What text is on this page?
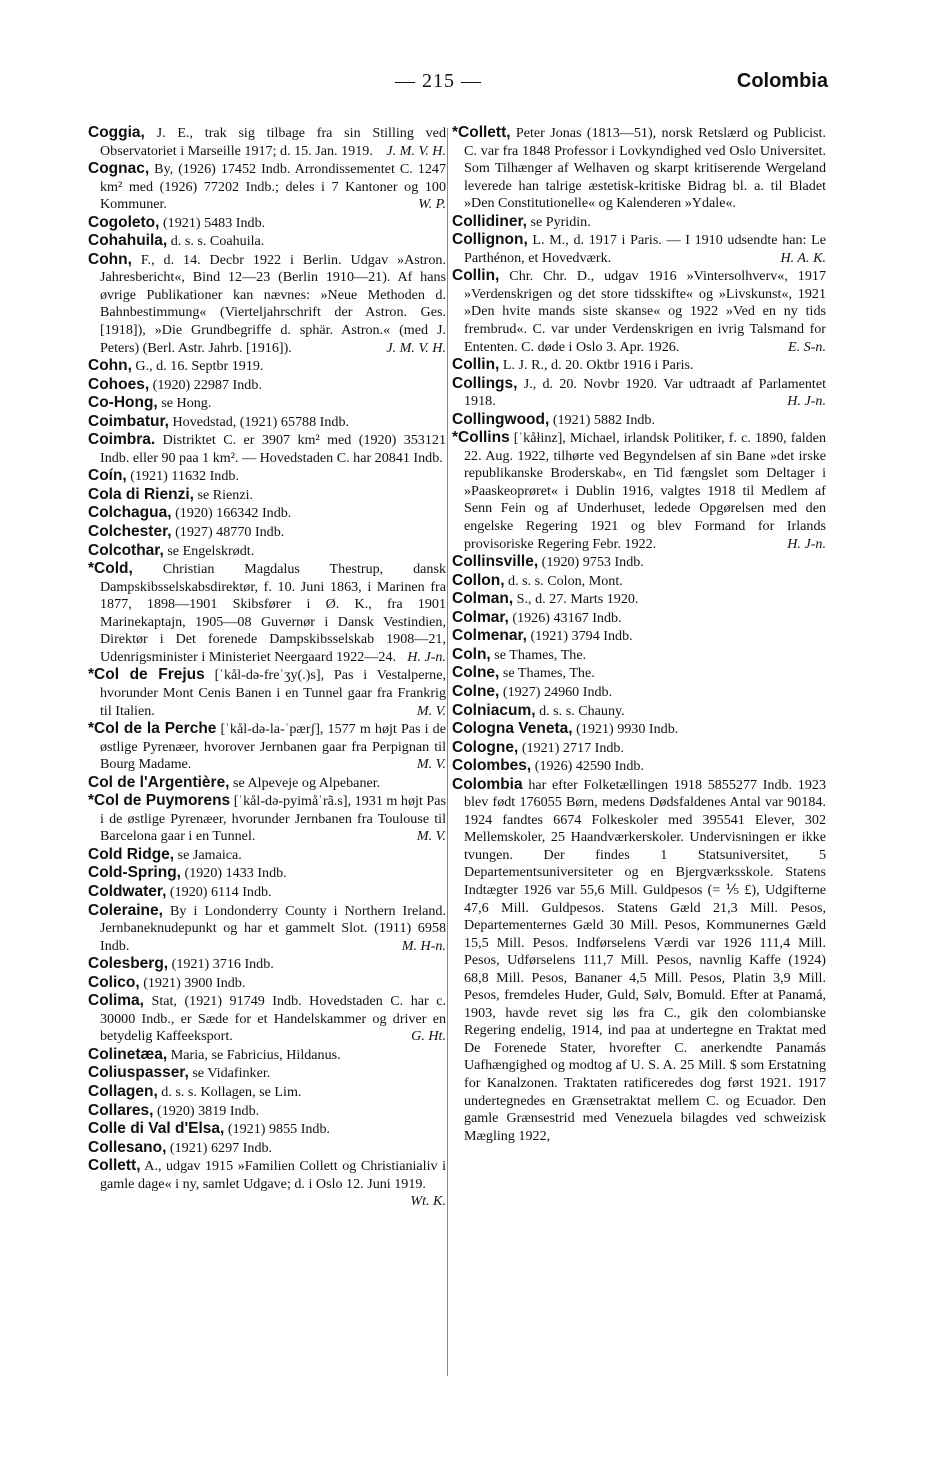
— 215 —	Colombia

Coggia, J. E., trak sig tilbage fra sin Stilling ved Observatoriet i Marseille 1917; d. 15. Jan. 1919. J. M. V. H.

Cognac, By, (1926) 17452 Indb. Arrondissementet C. 1247 km² med (1926) 77202 Indb.; deles i 7 Kantoner og 100 Kommuner.	W. P.

Cogoleto, (1921) 5483 Indb.

Cohahuila, d. s. s. Coahuila.

Cohn, F., d. 14. Decbr 1922 i Berlin. Udgav »Astron. Jahresbericht«, Bind 12—23 (Berlin 1910—21). Af hans øvrige Publikationer kan nævnes: »Neue Methoden d. Bahnbestimmung« (Vierteljahrschrift der Astron. Ges. [1918]), »Die Grundbegriffe d. sphär. Astron.« (med J. Peters) (Berl. Astr. Jahrb. [1916]).	J. M. V. H.

Cohn, G., d. 16. Septbr 1919.

Cohoes, (1920) 22987 Indb.

Co-Hong, se Hong.

Coimbatur, Hovedstad, (1921) 65788 Indb.

Coimbra. Distriktet C. er 3907 km² med (1920) 353121 Indb. eller 90 paa 1 km². — Hovedstaden C. har 20841 Indb.

Coín, (1921) 11632 Indb.

Cola di Rienzi, se Rienzi.

Colchagua, (1920) 166342 Indb.

Colchester, (1927) 48770 Indb.

Colcothar, se Engelskrødt.

*Cold, Christian Magdalus Thestrup, dansk Dampskibsselskabsdirektør, f. 10. Juni 1863, i Marinen fra 1877, 1898—1901 Skibsfører i Ø. K., fra 1901 Marinekaptajn, 1905—08 Guvernør i Dansk Vestindien, Direktør i Det forenede Dampskibsselskab 1908—21, Udenrigsminister i Ministeriet Neergaard 1922—24. H. J-n.

*Col de Frejus [ˈkål-də-freˈʒy(.)s], Pas i Vestalperne, hvorunder Mont Cenis Banen i en Tunnel gaar fra Frankrig til Italien.	M. V.

*Col de la Perche [ˈkål-də-la-ˈpærʃ], 1577 m højt Pas i de østlige Pyrenæer, hvorover Jernbanen gaar fra Perpignan til Bourg Madame.	M. V.

Col de l'Argentière, se Alpeveje og Alpebaner.

*Col de Puymorens [ˈkål-də-pyimåˈrã.s], 1931 m højt Pas i de østlige Pyrenæer, hvorunder Jernbanen fra Toulouse til Barcelona gaar i en Tunnel.	M. V.

Cold Ridge, se Jamaica.

Cold-Spring, (1920) 1433 Indb.

Coldwater, (1920) 6114 Indb.

Coleraine, By i Londonderry County i Northern Ireland. Jernbaneknudepunkt og har et gammelt Slot. (1911) 6958 Indb.	M. H-n.

Colesberg, (1921) 3716 Indb.

Colico, (1921) 3900 Indb.

Colima, Stat, (1921) 91749 Indb. Hovedstaden C. har c. 30000 Indb., er Sæde for et Handelskammer og driver en betydelig Kaffeeksport.	G. Ht.

Colinetæa, Maria, se Fabricius, Hildanus.

Coliuspasser, se Vidafinker.

Collagen, d. s. s. Kollagen, se Lim.

Collares, (1920) 3819 Indb.

Colle di Val d'Elsa, (1921) 9855 Indb.

Collesano, (1921) 6297 Indb.

Collett, A., udgav 1915 »Familien Collett og Christianialiv i gamle dage« i ny, samlet Udgave; d. i Oslo 12. Juni 1919.
Wt. K.

*Collett, Peter Jonas (1813—51), norsk Retslærd og Publicist. C. var fra 1848 Professor i Lovkyndighed ved Oslo Universitet. Som Tilhænger af Welhaven og skarpt kritiserende Wergeland leverede han talrige æstetisk-kritiske Bidrag bl. a. til Bladet »Den Constitutionelle« og Kalenderen »Ydale«.

Collidiner, se Pyridin.

Collignon, L. M., d. 1917 i Paris. — I 1910 udsendte han: Le Parthénon, et Hovedværk.	H. A. K.

Collin, Chr. Chr. D., udgav 1916 »Vintersolhverv«, 1917 »Verdenskrigen og det store tidsskifte« og »Livskunst«, 1921 »Den hvite mands siste skanse« og 1922 »Ved en ny tids frembrud«. C. var under Verdenskrigen en ivrig Talsmand for Ententen. C. døde i Oslo 3. Apr. 1926.	E. S-n.

Collin, L. J. R., d. 20. Oktbr 1916 i Paris.

Collings, J., d. 20. Novbr 1920. Var udtraadt af Parlamentet 1918.	H. J-n.

Collingwood, (1921) 5882 Indb.

*Collins [ˈkåłinz], Michael, irlandsk Politiker, f. c. 1890, falden 22. Aug. 1922, tilhørte ved Begyndelsen af sin Bane »det irske republikanske Broderskab«, en Tid fængslet som Deltager i »Paaskeoprøret« i Dublin 1916, valgtes 1918 til Medlem af Senn Fein og af Underhuset, ledede Opgørelsen med den engelske Regering 1921 og blev Formand for Irlands provisoriske Regering Febr. 1922.	H. J-n.

Collinsville, (1920) 9753 Indb.

Collon, d. s. s. Colon, Mont.

Colman, S., d. 27. Marts 1920.

Colmar, (1926) 43167 Indb.

Colmenar, (1921) 3794 Indb.

Coln, se Thames, The.

Colne, se Thames, The.

Colne, (1927) 24960 Indb.

Colniacum, d. s. s. Chauny.

Cologna Veneta, (1921) 9930 Indb.

Cologne, (1921) 2717 Indb.

Colombes, (1926) 42590 Indb.

Colombia har efter Folketællingen 1918 5855277 Indb. 1923 blev født 176055 Børn, medens Dødsfaldenes Antal var 90184. 1924 fandtes 6674 Folkeskoler med 395541 Elever, 302 Mellemskoler, 25 Haandværkerskoler. Undervisningen er ikke tvungen. Der findes 1 Statsuniversitet, 5 Departementsuniversiteter og en Bjergværksskole. Statens Indtægter 1926 var 55,6 Mill. Guldpesos (= ⅕ £), Udgifterne 47,6 Mill. Guldpesos. Statens Gæld 21,3 Mill. Pesos, Departementernes Gæld 30 Mill. Pesos, Kommunernes Gæld 15,5 Mill. Pesos. Indførselens Værdi var 1926 111,4 Mill. Pesos, Udførselens 111,7 Mill. Pesos, navnlig Kaffe (1924) 68,8 Mill. Pesos, Bananer 4,5 Mill. Pesos, Platin 3,9 Mill. Pesos, fremdeles Huder, Guld, Sølv, Bomuld. Efter at Panamá, 1903, havde revet sig løs fra C., gik den colombianske Regering endelig, 1914, ind paa at undertegne en Traktat med De Forenede Stater, hvorefter C. anerkendte Panamás Uafhængighed og modtog af U. S. A. 25 Mill. $ som Erstatning for Kanalzonen. Traktaten ratificeredes dog først 1921. 1917 undertegnedes en Grænsetraktat mellem C. og Ecuador. Den gamle Grænsestrid med Venezuela bilagdes ved schweizisk Mægling 1922,
